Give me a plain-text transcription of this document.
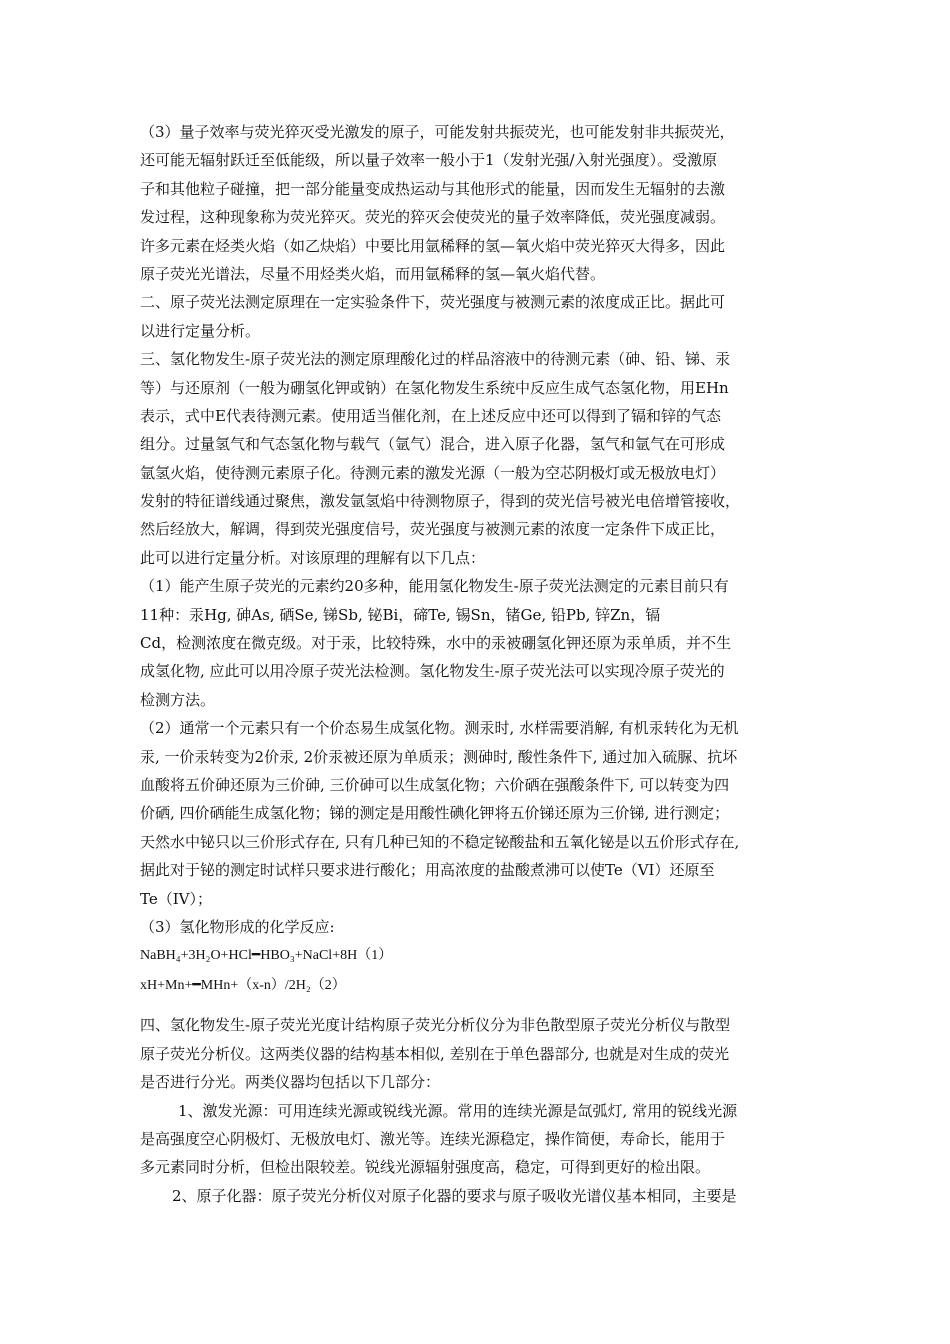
（3）量子效率与荧光猝灭受光激发的原子，可能发射共振荧光，也可能发射非共振荧光，
还可能无辐射跃迁至低能级，所以量子效率一般小于1（发射光强/入射光强度）。受激原
子和其他粒子碰撞，把一部分能量变成热运动与其他形式的能量，因而发生无辐射的去激
发过程，这种现象称为荧光猝灭。荧光的猝灭会使荧光的量子效率降低，荧光强度减弱。
许多元素在烃类火焰（如乙炔焰）中要比用氩稀释的氢—氧火焰中荧光猝灭大得多，因此
原子荧光光谱法，尽量不用烃类火焰，而用氩稀释的氢—氧火焰代替。
二、原子荧光法测定原理在一定实验条件下，荧光强度与被测元素的浓度成正比。据此可
以进行定量分析。
三、氢化物发生-原子荧光法的测定原理酸化过的样品溶液中的待测元素（砷、铅、锑、汞
等）与还原剂（一般为硼氢化钾或钠）在氢化物发生系统中反应生成气态氢化物，用EHn
表示，式中E代表待测元素。使用适当催化剂，在上述反应中还可以得到了镉和锌的气态
组分。过量氢气和气态氢化物与载气（氩气）混合，进入原子化器，氢气和氩气在可形成
氩氢火焰，使待测元素原子化。待测元素的激发光源（一般为空芯阴极灯或无极放电灯）
发射的特征谱线通过聚焦，激发氩氢焰中待测物原子，得到的荧光信号被光电倍增管接收，
然后经放大，解调，得到荧光强度信号，荧光强度与被测元素的浓度一定条件下成正比，
此可以进行定量分析。对该原理的理解有以下几点：
（1）能产生原子荧光的元素约20多种，能用氢化物发生-原子荧光法测定的元素目前只有
11种：汞Hg, 砷As, 硒Se, 锑Sb, 铋Bi，碲Te, 锡Sn，锗Ge, 铅Pb, 锌Zn，镉
Cd，检测浓度在微克级。对于汞，比较特殊，水中的汞被硼氢化钾还原为汞单质，并不生
成氢化物, 应此可以用冷原子荧光法检测。氢化物发生-原子荧光法可以实现冷原子荧光的
检测方法。
（2）通常一个元素只有一个价态易生成氢化物。测汞时, 水样需要消解, 有机汞转化为无机
汞, 一价汞转变为2价汞, 2价汞被还原为单质汞；测砷时, 酸性条件下, 通过加入硫脲、抗坏
血酸将五价砷还原为三价砷, 三价砷可以生成氢化物；六价硒在强酸条件下, 可以转变为四
价硒, 四价硒能生成氢化物；锑的测定是用酸性碘化钾将五价锑还原为三价锑, 进行测定；
天然水中铋只以三价形式存在, 只有几种已知的不稳定铋酸盐和五氧化铋是以五价形式存在,
据此对于铋的测定时试样只要求进行酸化；用高浓度的盐酸煮沸可以使Te（VI）还原至
Te（IV）；
（3）氢化物形成的化学反应:
NaBH₄+3H₂O+HCl━HBO₃+NaCl+8H（1）
xH+Mn+━MHn+（x-n）/2H₂（2）
四、氢化物发生-原子荧光光度计结构原子荧光分析仪分为非色散型原子荧光分析仪与散型
原子荧光分析仪。这两类仪器的结构基本相似, 差别在于单色器部分, 也就是对生成的荧光
是否进行分光。两类仪器均包括以下几部分：
1、激发光源：可用连续光源或锐线光源。常用的连续光源是氙弧灯, 常用的锐线光源
是高强度空心阴极灯、无极放电灯、激光等。连续光源稳定，操作简便，寿命长，能用于
多元素同时分析，但检出限较差。锐线光源辐射强度高，稳定，可得到更好的检出限。
2、原子化器：原子荧光分析仪对原子化器的要求与原子吸收光谱仪基本相同，主要是
